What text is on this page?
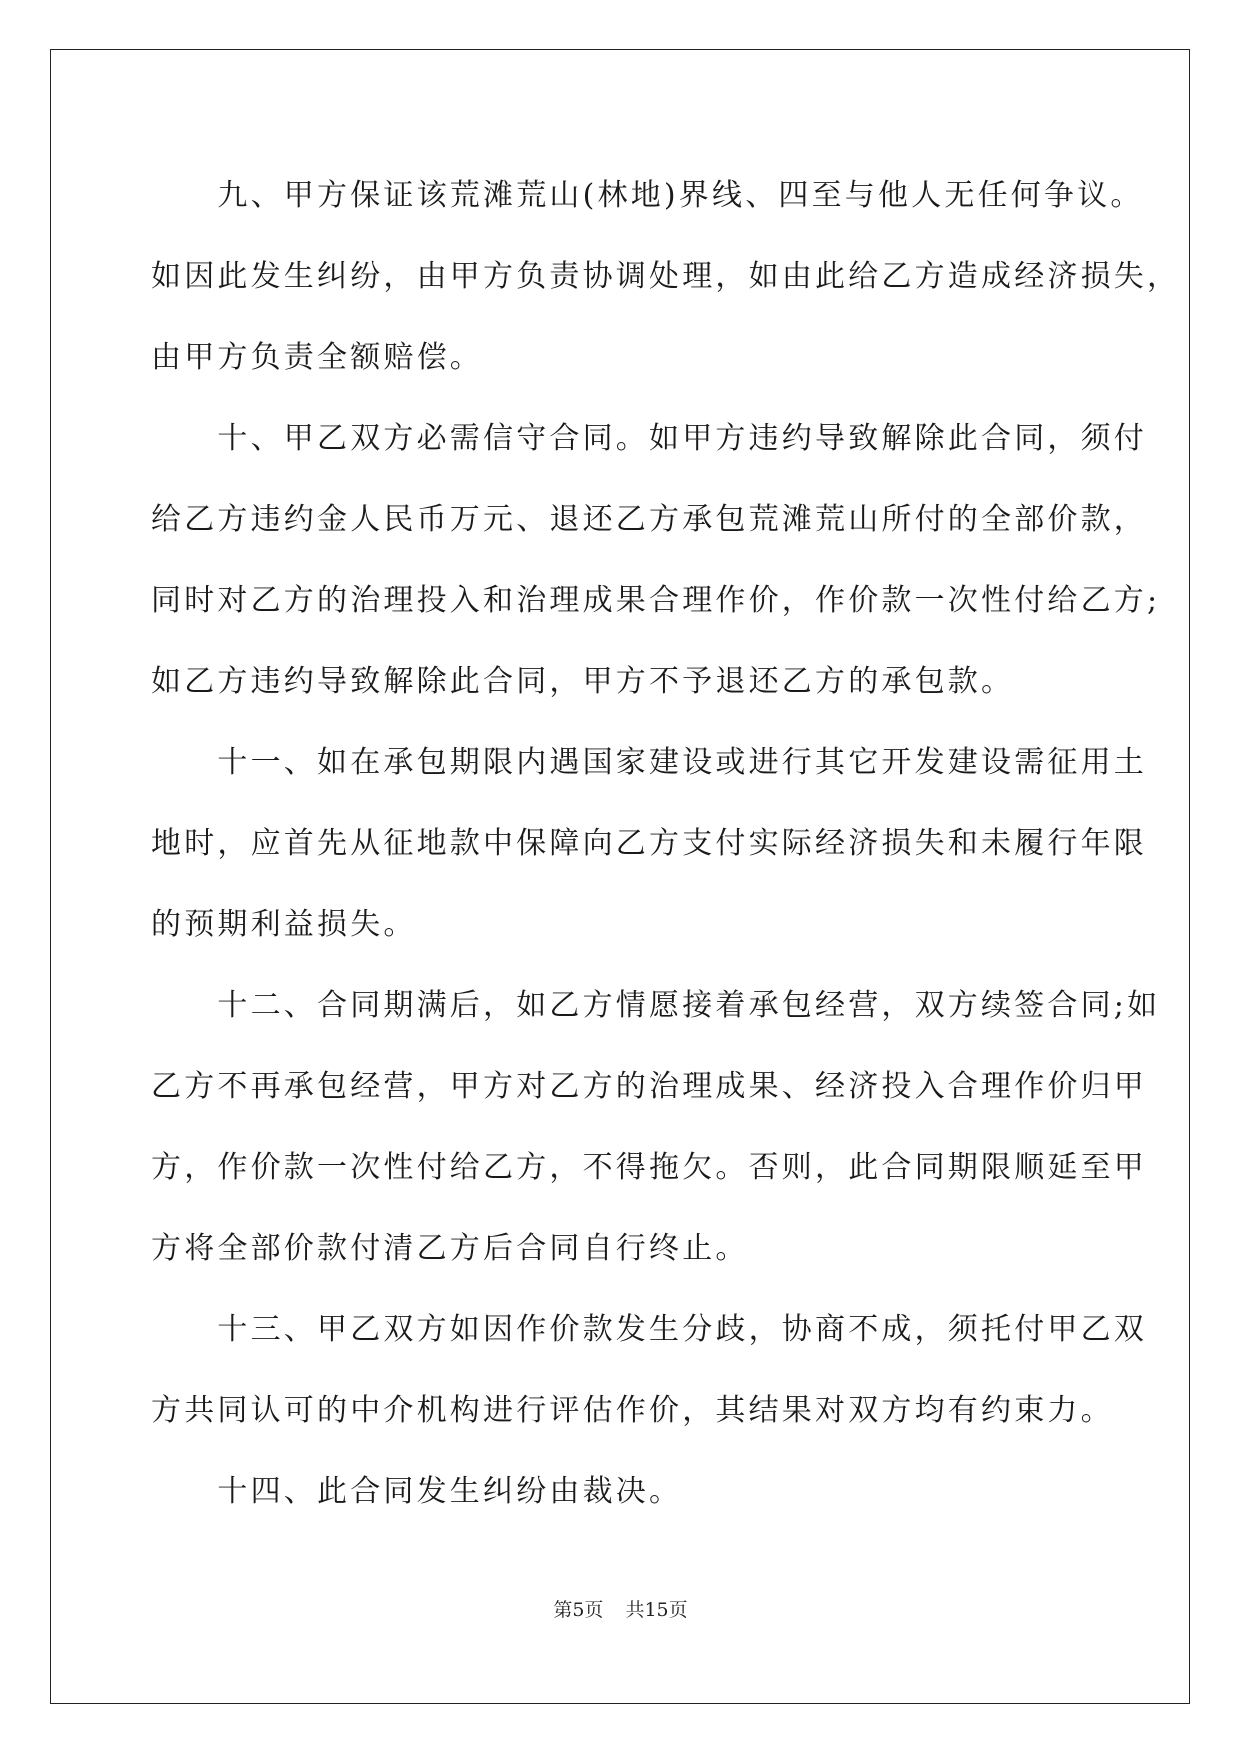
　　九、甲方保证该荒滩荒山(林地)界线、四至与他人无任何争议。
如因此发生纠纷，由甲方负责协调处理，如由此给乙方造成经济损失，
由甲方负责全额赔偿。
　　十、甲乙双方必需信守合同。如甲方违约导致解除此合同，须付
给乙方违约金人民币万元、退还乙方承包荒滩荒山所付的全部价款，
同时对乙方的治理投入和治理成果合理作价，作价款一次性付给乙方;
如乙方违约导致解除此合同，甲方不予退还乙方的承包款。
　　十一、如在承包期限内遇国家建设或进行其它开发建设需征用土
地时，应首先从征地款中保障向乙方支付实际经济损失和未履行年限
的预期利益损失。
　　十二、合同期满后，如乙方情愿接着承包经营，双方续签合同;如
乙方不再承包经营，甲方对乙方的治理成果、经济投入合理作价归甲
方，作价款一次性付给乙方，不得拖欠。否则，此合同期限顺延至甲
方将全部价款付清乙方后合同自行终止。
　　十三、甲乙双方如因作价款发生分歧，协商不成，须托付甲乙双
方共同认可的中介机构进行评估作价，其结果对双方均有约束力。
　　十四、此合同发生纠纷由裁决。
第5页 共15页
